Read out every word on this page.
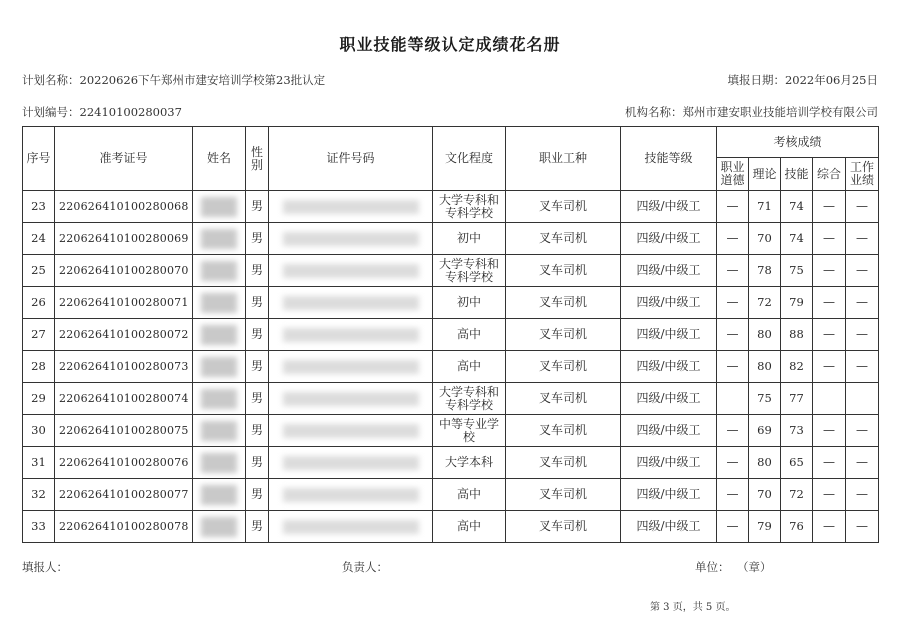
职业技能等级认定成绩花名册
计划名称：20220626下午郑州市建安培训学校第23批认定	填报日期：2022年06月25日
计划编号：22410100280037	机构名称：郑州市建安职业技能培训学校有限公司
序号	准考证号	姓名	性别	证件号码	文化程度	职业工种	技能等级	考核成绩				
								职业道德	理论	技能	综合	工作业绩
23	220626410100280068		男		大学专科和专科学校	叉车司机	四级/中级工	—	71	74	—	—
24	220626410100280069		男		初中	叉车司机	四级/中级工	—	70	74	—	—
25	220626410100280070		男		大学专科和专科学校	叉车司机	四级/中级工	—	78	75	—	—
26	220626410100280071		男		初中	叉车司机	四级/中级工	—	72	79	—	—
27	220626410100280072		男		高中	叉车司机	四级/中级工	—	80	88	—	—
28	220626410100280073		男		高中	叉车司机	四级/中级工	—	80	82	—	—
29	220626410100280074		男		大学专科和专科学校	叉车司机	四级/中级工		75	77		
30	220626410100280075		男		中等专业学校	叉车司机	四级/中级工	—	69	73	—	—
31	220626410100280076		男		大学本科	叉车司机	四级/中级工	—	80	65	—	—
32	220626410100280077		男		高中	叉车司机	四级/中级工	—	70	72	—	—
33	220626410100280078		男		高中	叉车司机	四级/中级工	—	79	76	—	—
填报人：	负责人：	单位： （章）
第 3 页，共 5 页。
